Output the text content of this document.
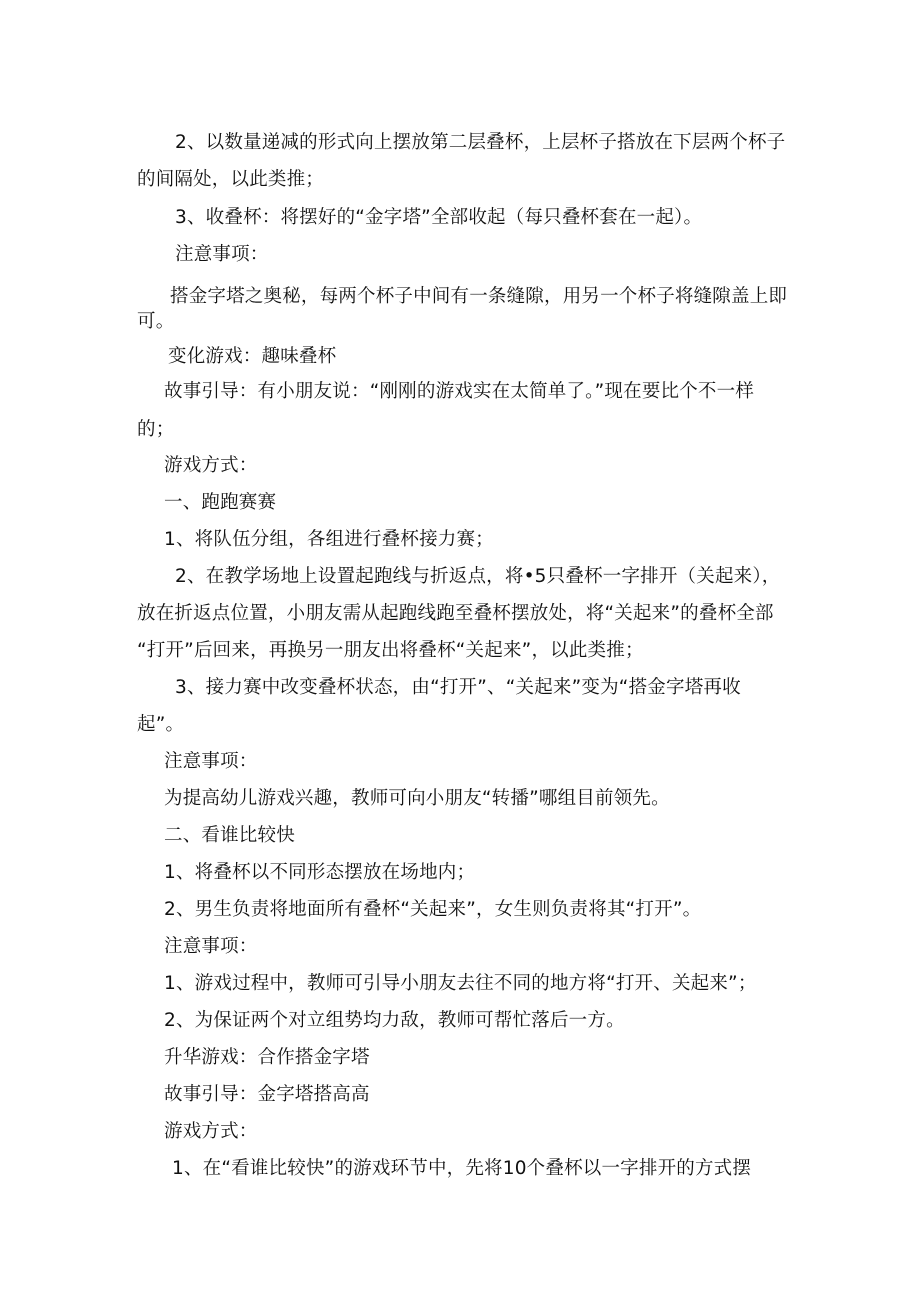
2、以数量递减的形式向上摆放第二层叠杯，上层杯子搭放在下层两个杯子
的间隔处，以此类推；
3、收叠杯：将摆好的“金字塔”全部收起（每只叠杯套在一起）。
注意事项：
搭金字塔之奥秘，每两个杯子中间有一条缝隙，用另一个杯子将缝隙盖上即
可。
变化游戏：趣味叠杯
故事引导：有小朋友说：“刚刚的游戏实在太简单了。”现在要比个不一样
的；
游戏方式：
一、跑跑赛赛
1、将队伍分组，各组进行叠杯接力赛；
2、在教学场地上设置起跑线与折返点，将•5只叠杯一字排开（关起来），
放在折返点位置，小朋友需从起跑线跑至叠杯摆放处，将“关起来”的叠杯全部
“打开”后回来，再换另一朋友出将叠杯“关起来”，以此类推；
3、接力赛中改变叠杯状态，由“打开”、“关起来”变为“搭金字塔再收
起”。
注意事项：
为提高幼儿游戏兴趣，教师可向小朋友“转播”哪组目前领先。
二、看谁比较快
1、将叠杯以不同形态摆放在场地内；
2、男生负责将地面所有叠杯“关起来”，女生则负责将其“打开”。
注意事项：
1、游戏过程中，教师可引导小朋友去往不同的地方将“打开、关起来”；
2、为保证两个对立组势均力敌，教师可帮忙落后一方。
升华游戏：合作搭金字塔
故事引导：金字塔搭高高
游戏方式：
1、在“看谁比较快”的游戏环节中，先将10个叠杯以一字排开的方式摆
